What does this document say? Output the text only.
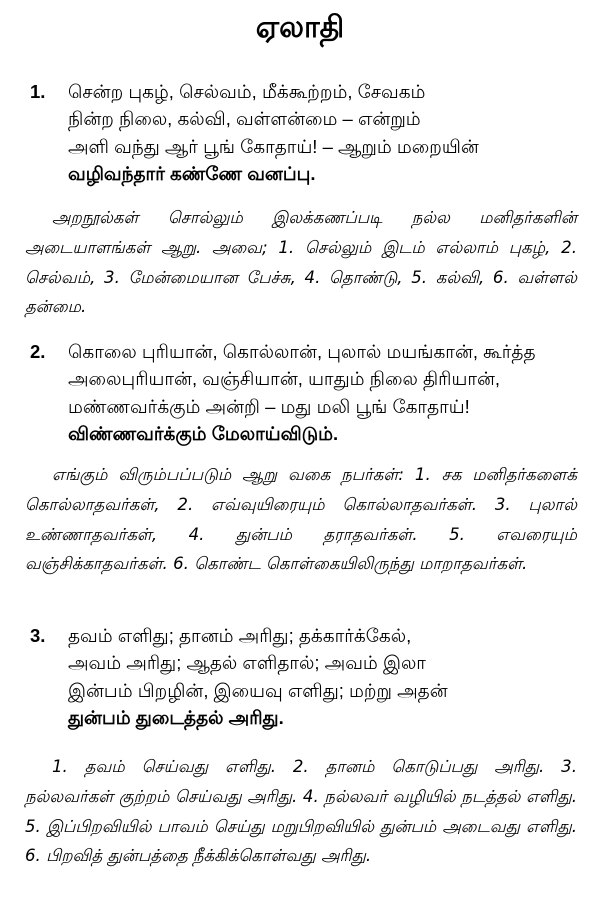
ஏலாதி
1. சென்ற புகழ், செல்வம், மீக்கூற்றம், சேவகம்
நின்ற நிலை, கல்வி, வள்ளன்மை – என்றும்
அளி வந்து ஆர் பூங் கோதாய்! – ஆறும் மறையின்
வழிவந்தார் கண்ணே வனப்பு.
அறநூல்கள் சொல்லும் இலக்கணப்படி நல்ல மனிதர்களின் அடையாளங்கள் ஆறு. அவை; 1. செல்லும் இடம் எல்லாம் புகழ், 2. செல்வம், 3. மேன்மையான பேச்சு, 4. தொண்டு, 5. கல்வி, 6. வள்ளல் தன்மை.
2. கொலை புரியான், கொல்லான், புலால் மயங்கான், கூர்த்த
அலைபுரியான், வஞ்சியான், யாதும் நிலை திரியான்,
மண்ணவர்க்கும் அன்றி – மது மலி பூங் கோதாய்!
விண்ணவர்க்கும் மேலாய்விடும்.
எங்கும் விரும்பப்படும் ஆறு வகை நபர்கள்: 1. சக மனிதர்களைக் கொல்லாதவர்கள், 2. எவ்வுயிரையும் கொல்லாதவர்கள். 3. புலால் உண்ணாதவர்கள், 4. துன்பம் தராதவர்கள். 5. எவரையும் வஞ்சிக்காதவர்கள். 6. கொண்ட கொள்கையிலிருந்து மாறாதவர்கள்.
3. தவம் எளிது; தானம் அரிது; தக்கார்க்கேல்,
அவம் அரிது; ஆதல் எளிதால்; அவம் இலா
இன்பம் பிறழின், இயைவு எளிது; மற்று அதன்
துன்பம் துடைத்தல் அரிது.
1. தவம் செய்வது எளிது. 2. தானம் கொடுப்பது அரிது. 3. நல்லவர்கள் குற்றம் செய்வது அரிது. 4. நல்லவர் வழியில் நடத்தல் எளிது. 5. இப்பிறவியில் பாவம் செய்து மறுபிறவியில் துன்பம் அடைவது எளிது. 6. பிறவித் துன்பத்தை நீக்கிக்கொள்வது அரிது.
